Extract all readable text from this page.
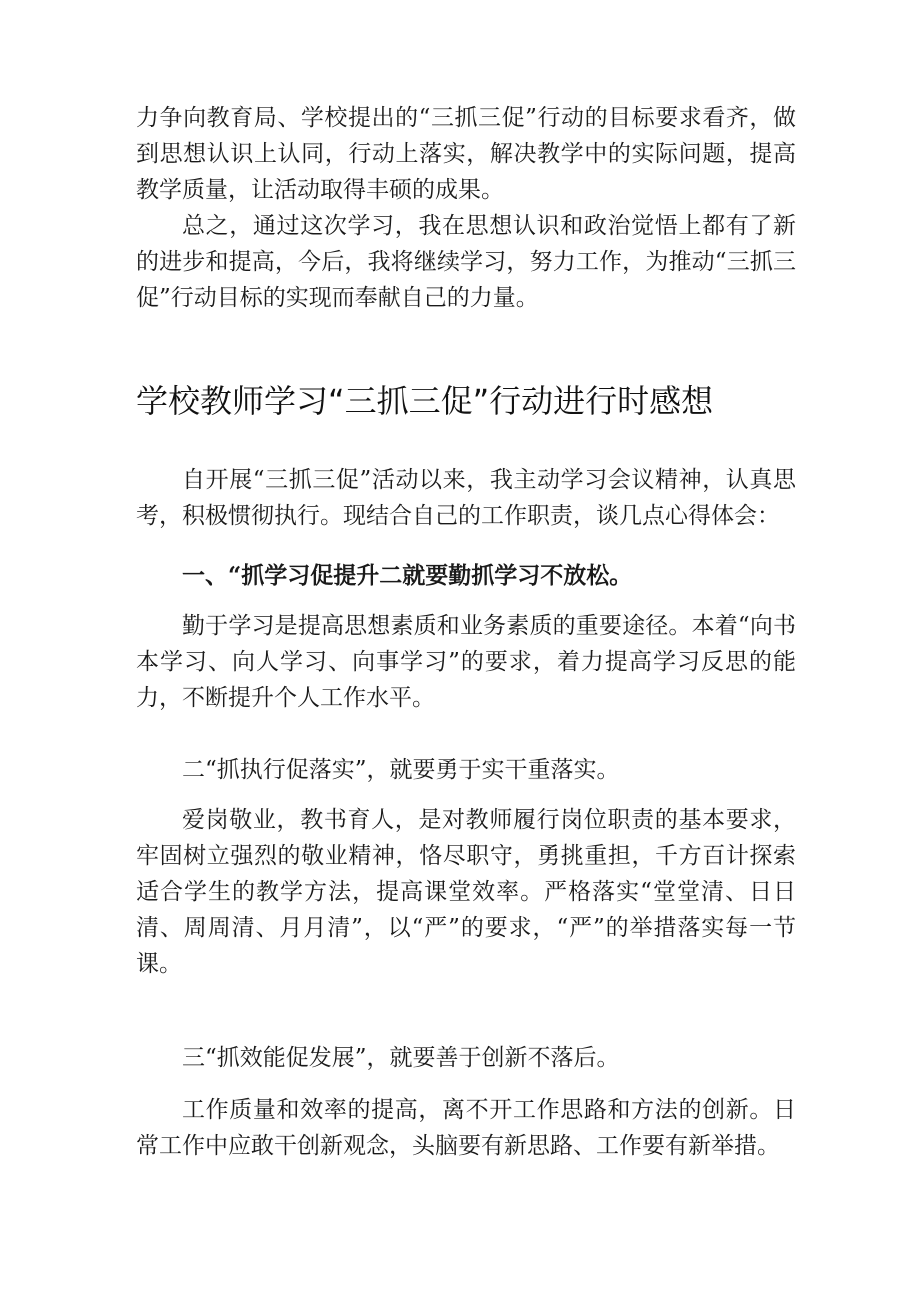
力争向教育局、学校提出的“三抓三促”行动的目标要求看齐，做到思想认识上认同，行动上落实，解决教学中的实际问题，提高教学质量，让活动取得丰硕的成果。

总之，通过这次学习，我在思想认识和政治觉悟上都有了新的进步和提高，今后，我将继续学习，努力工作，为推动“三抓三促”行动目标的实现而奉献自己的力量。

学校教师学习“三抓三促”行动进行时感想

自开展“三抓三促”活动以来，我主动学习会议精神，认真思考，积极惯彻执行。现结合自己的工作职责，谈几点心得体会：

一、“抓学习促提升二就要勤抓学习不放松。

勤于学习是提高思想素质和业务素质的重要途径。本着“向书本学习、向人学习、向事学习”的要求，着力提高学习反思的能力，不断提升个人工作水平。

二“抓执行促落实”，就要勇于实干重落实。

爱岗敬业，教书育人，是对教师履行岗位职责的基本要求，牢固树立强烈的敬业精神，恪尽职守，勇挑重担，千方百计探索适合学生的教学方法，提高课堂效率。严格落实“堂堂清、日日清、周周清、月月清”，以“严”的要求，“严”的举措落实每一节课。

三“抓效能促发展”，就要善于创新不落后。

工作质量和效率的提高，离不开工作思路和方法的创新。日常工作中应敢干创新观念，头脑要有新思路、工作要有新举措。
